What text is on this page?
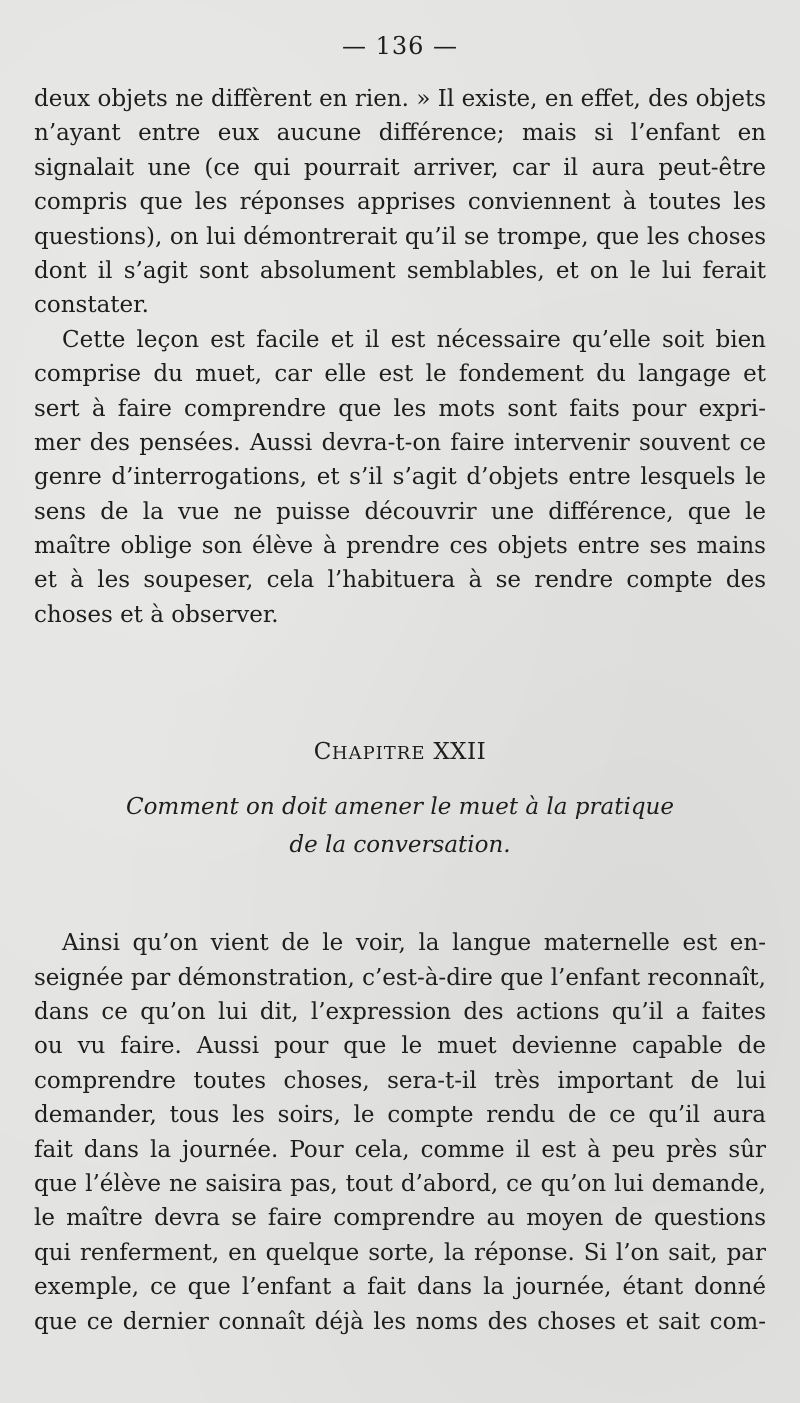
— 136 —
deux objets ne diffèrent en rien. » Il existe, en effet, des objets
n’ayant entre eux aucune différence; mais si l’enfant en
signalait une (ce qui pourrait arriver, car il aura peut-être
compris que les réponses apprises conviennent à toutes les
questions), on lui démontrerait qu’il se trompe, que les choses
dont il s’agit sont absolument semblables, et on le lui ferait
constater.
Cette leçon est facile et il est nécessaire qu’elle soit bien
comprise du muet, car elle est le fondement du langage et
sert à faire comprendre que les mots sont faits pour expri-
mer des pensées. Aussi devra-t-on faire intervenir souvent ce
genre d’interrogations, et s’il s’agit d’objets entre lesquels le
sens de la vue ne puisse découvrir une différence, que le
maître oblige son élève à prendre ces objets entre ses mains
et à les soupeser, cela l’habituera à se rendre compte des
choses et à observer.
CHAPITRE XXII
Comment on doit amener le muet à la pratique
de la conversation.
Ainsi qu’on vient de le voir, la langue maternelle est en-
seignée par démonstration, c’est-à-dire que l’enfant reconnaît,
dans ce qu’on lui dit, l’expression des actions qu’il a faites
ou vu faire. Aussi pour que le muet devienne capable de
comprendre toutes choses, sera-t-il très important de lui
demander, tous les soirs, le compte rendu de ce qu’il aura
fait dans la journée. Pour cela, comme il est à peu près sûr
que l’élève ne saisira pas, tout d’abord, ce qu’on lui demande,
le maître devra se faire comprendre au moyen de questions
qui renferment, en quelque sorte, la réponse. Si l’on sait, par
exemple, ce que l’enfant a fait dans la journée, étant donné
que ce dernier connaît déjà les noms des choses et sait com-
